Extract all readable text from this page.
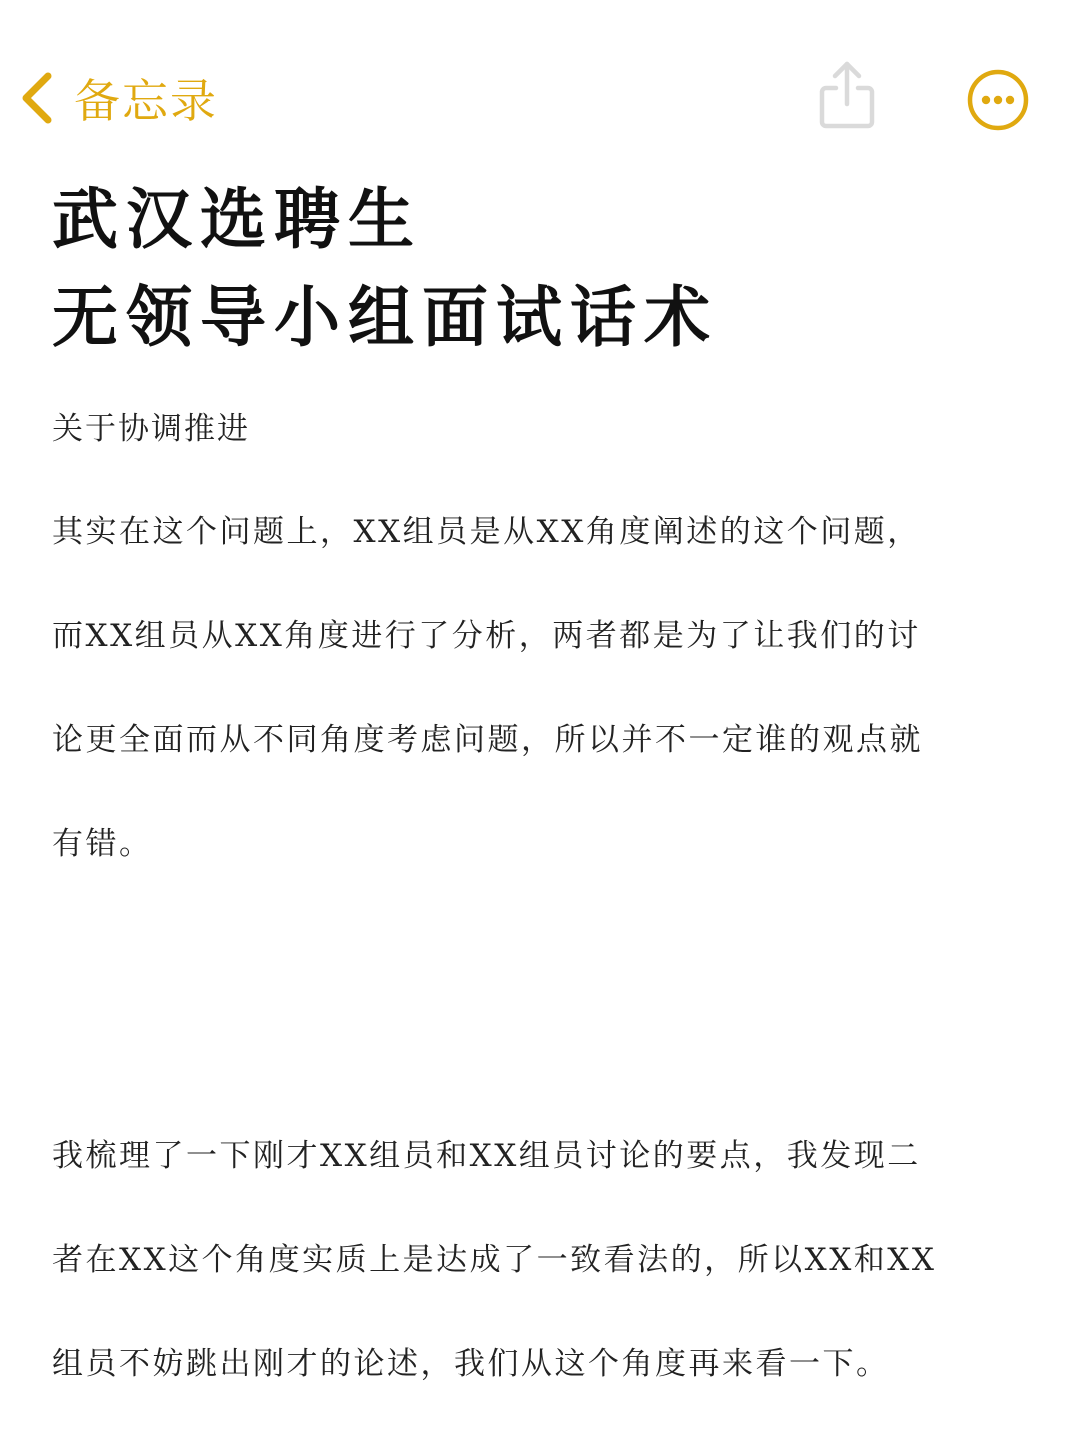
备忘录
武汉选聘生
无领导小组面试话术
关于协调推进
其实在这个问题上，XX组员是从XX角度阐述的这个问题，
而XX组员从XX角度进行了分析，两者都是为了让我们的讨
论更全面而从不同角度考虑问题，所以并不一定谁的观点就
有错。
我梳理了一下刚才XX组员和XX组员讨论的要点，我发现二
者在XX这个角度实质上是达成了一致看法的，所以XX和XX
组员不妨跳出刚才的论述，我们从这个角度再来看一下。
